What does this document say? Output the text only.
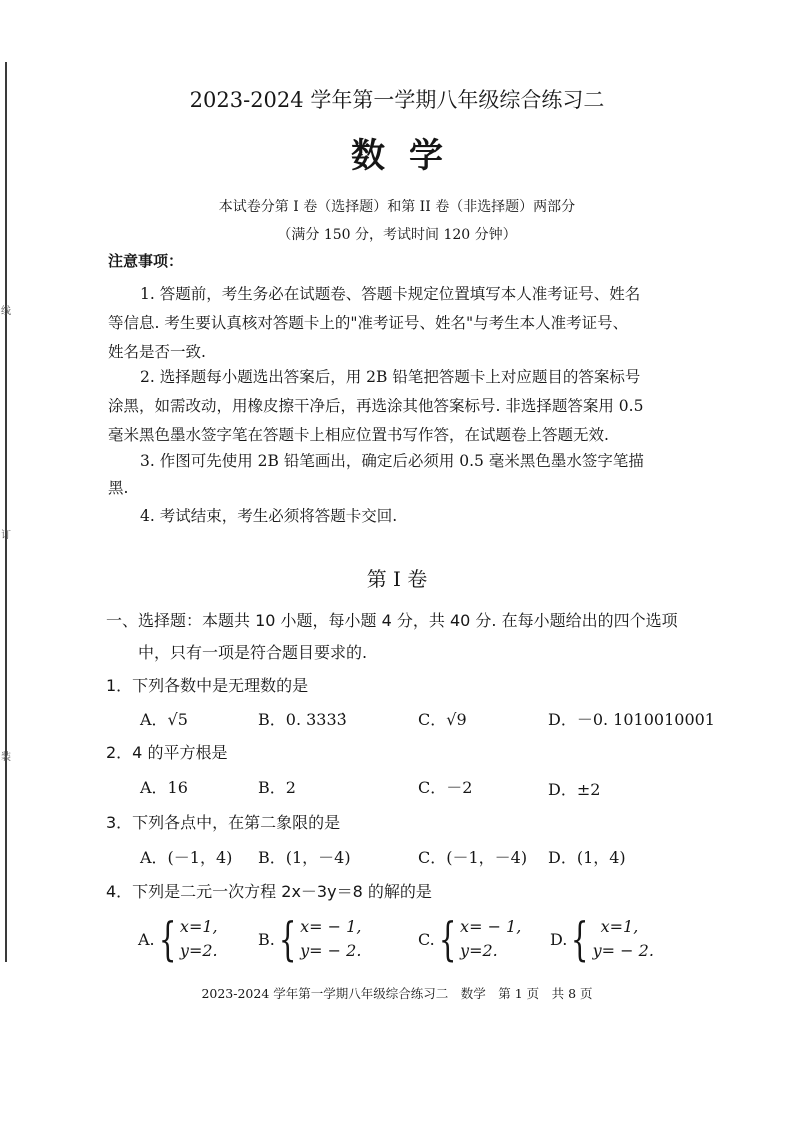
线
订
装
2023-2024 学年第一学期八年级综合练习二
数学
本试卷分第 I 卷（选择题）和第 II 卷（非选择题）两部分
（满分 150 分，考试时间 120 分钟）
注意事项：
1. 答题前，考生务必在试题卷、答题卡规定位置填写本人准考证号、姓名
等信息. 考生要认真核对答题卡上的"准考证号、姓名"与考生本人准考证号、
姓名是否一致.
2. 选择题每小题选出答案后，用 2B 铅笔把答题卡上对应题目的答案标号
涂黑，如需改动，用橡皮擦干净后，再选涂其他答案标号. 非选择题答案用 0.5
毫米黑色墨水签字笔在答题卡上相应位置书写作答，在试题卷上答题无效.
3. 作图可先使用 2B 铅笔画出，确定后必须用 0.5 毫米黑色墨水签字笔描
黑.
4. 考试结束，考生必须将答题卡交回.
第 I 卷
一、选择题：本题共 10 小题，每小题 4 分，共 40 分. 在每小题给出的四个选项
中，只有一项是符合题目要求的.
1．下列各数中是无理数的是
A．√5	B．0. 3333̇	C．√9	D．－0. 1010010001
2．4 的平方根是
A．16	B．2	C．－2	D．±2
3．下列各点中，在第二象限的是
A．(－1，4) B．(1，－4)	C．(－1，－4) D．(1，4)
4．下列是二元一次方程 2x－3y＝8 的解的是
A. { x=1,
y=2.
B. { x= − 1,
y= − 2.
C. { x= − 1,
y=2.
D. { x=1,
y= − 2.
2023-2024 学年第一学期八年级综合练习二　数学　第 1 页　共 8 页
